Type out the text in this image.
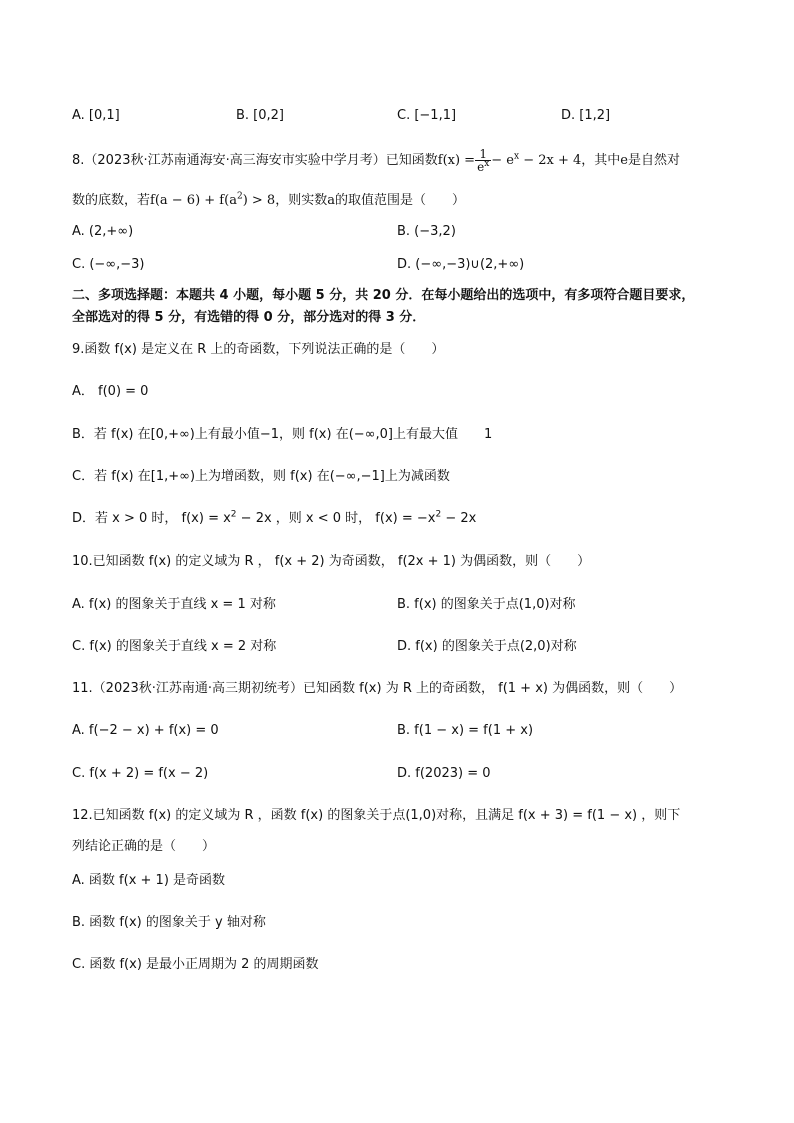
A. [0,1]	B. [0,2]	C. [−1,1]	D. [1,2]
8.（2023秋·江苏南通海安·高三海安市实验中学月考）已知函数$f(x) = \frac{1}{e^x} - e^x - 2x + 4$，其中e是自然对
数的底数，若$f(a - 6) + f(a^2) > 8$，则实数a的取值范围是（　　）
A. (2,+∞)	B. (−3,2)
C. (−∞,−3)	D. (−∞,−3)∪(2,+∞)
二、多项选择题：本题共 4 小题，每小题 5 分，共 20 分．在每小题给出的选项中，有多项符合题目要求，
全部选对的得 5 分，有选错的得 0 分，部分选对的得 3 分．
9.函数 f(x) 是定义在 R 上的奇函数，下列说法正确的是（　　）
A． f(0) = 0
B．若 f(x) 在[0,+∞)上有最小值−1，则 f(x) 在(−∞,0]上有最大值　　1
C．若 f(x) 在[1,+∞)上为增函数，则 f(x) 在(−∞,−1]上为减函数
D．若 x > 0 时， $f(x) = x^2 - 2x$ ，则 x < 0 时， $f(x) = -x^2 - 2x$
10.已知函数 f(x) 的定义域为 R ， f(x + 2) 为奇函数， f(2x + 1) 为偶函数，则（　　）
A. f(x) 的图象关于直线 x = 1 对称	B. f(x) 的图象关于点(1,0)对称
C. f(x) 的图象关于直线 x = 2 对称	D. f(x) 的图象关于点(2,0)对称
11.（2023秋·江苏南通·高三期初统考）已知函数 f(x) 为 R 上的奇函数， f(1 + x) 为偶函数，则（　　）
A. f(−2 − x) + f(x) = 0	B. f(1 − x) = f(1 + x)
C. f(x + 2) = f(x − 2)	D. f(2023) = 0
12.已知函数 f(x) 的定义域为 R ，函数 f(x) 的图象关于点(1,0)对称，且满足 f(x + 3) = f(1 − x) ，则下
列结论正确的是（　　）
A. 函数 f(x + 1) 是奇函数
B. 函数 f(x) 的图象关于 y 轴对称
C. 函数 f(x) 是最小正周期为 2 的周期函数
